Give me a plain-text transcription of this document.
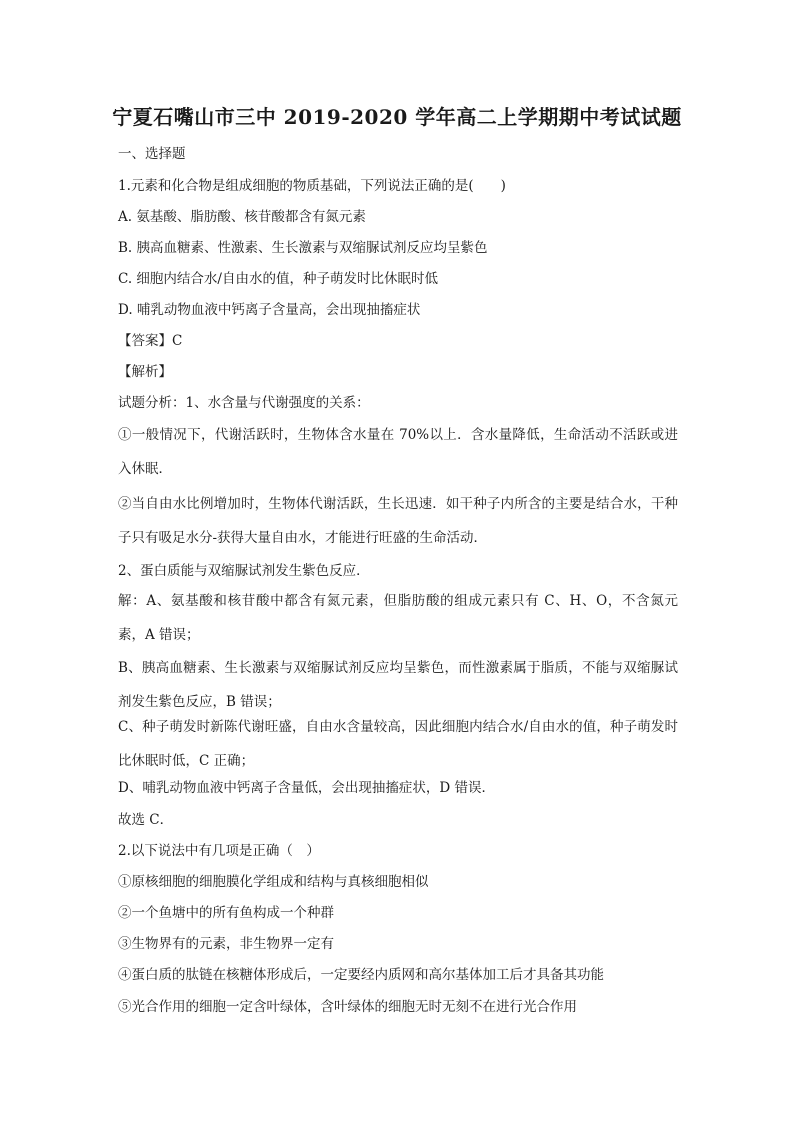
宁夏石嘴山市三中 2019-2020 学年高二上学期期中考试试题
一、选择题
1.元素和化合物是组成细胞的物质基础，下列说法正确的是(　　)
A. 氨基酸、脂肪酸、核苷酸都含有氮元素
B. 胰高血糖素、性激素、生长激素与双缩脲试剂反应均呈紫色
C. 细胞内结合水/自由水的值，种子萌发时比休眠时低
D. 哺乳动物血液中钙离子含量高，会出现抽搐症状
【答案】C
【解析】
试题分析：1、水含量与代谢强度的关系：
①一般情况下，代谢活跃时，生物体含水量在 70%以上．含水量降低，生命活动不活跃或进入休眠．
②当自由水比例增加时，生物体代谢活跃，生长迅速．如干种子内所含的主要是结合水，干种子只有吸足水分-获得大量自由水，才能进行旺盛的生命活动．
2、蛋白质能与双缩脲试剂发生紫色反应．
解：A、氨基酸和核苷酸中都含有氮元素，但脂肪酸的组成元素只有 C、H、O，不含氮元素，A 错误；
B、胰高血糖素、生长激素与双缩脲试剂反应均呈紫色，而性激素属于脂质，不能与双缩脲试剂发生紫色反应，B 错误；
C、种子萌发时新陈代谢旺盛，自由水含量较高，因此细胞内结合水/自由水的值，种子萌发时比休眠时低，C 正确；
D、哺乳动物血液中钙离子含量低，会出现抽搐症状，D 错误．
故选 C．
2.以下说法中有几项是正确（　）
①原核细胞的细胞膜化学组成和结构与真核细胞相似
②一个鱼塘中的所有鱼构成一个种群
③生物界有的元素，非生物界一定有
④蛋白质的肽链在核糖体形成后，一定要经内质网和高尔基体加工后才具备其功能
⑤光合作用的细胞一定含叶绿体，含叶绿体的细胞无时无刻不在进行光合作用
